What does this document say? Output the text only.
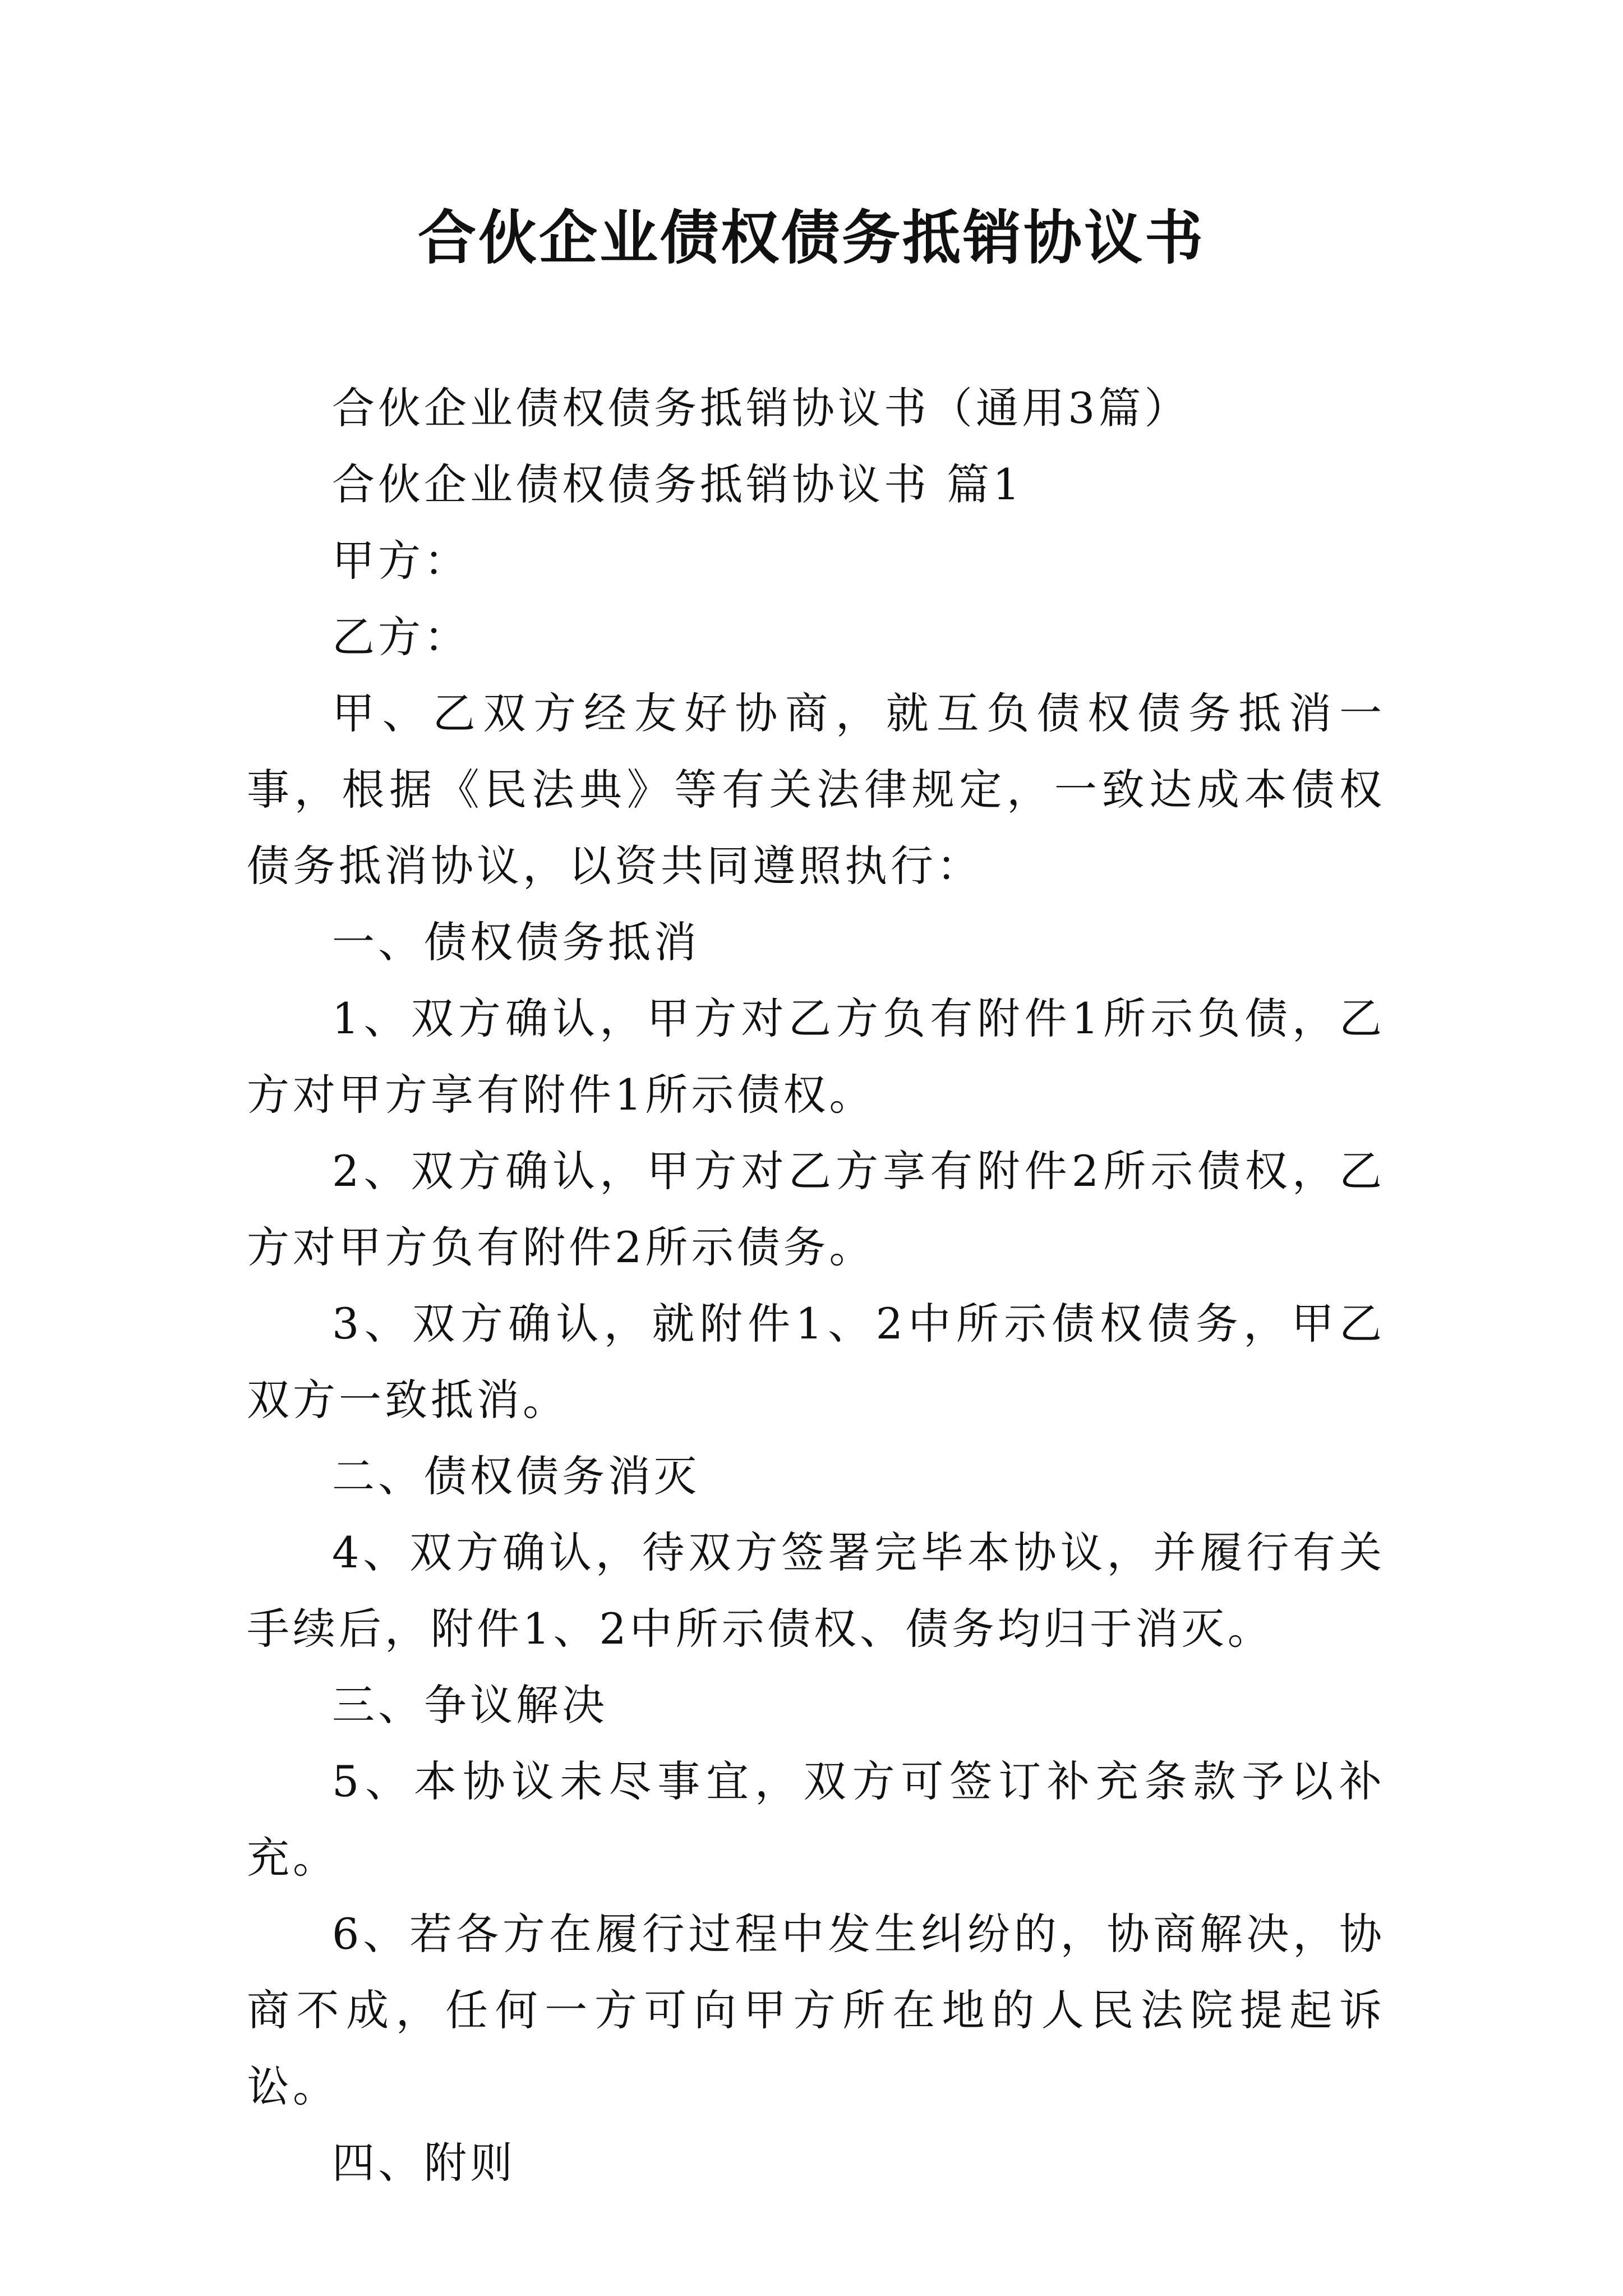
合伙企业债权债务抵销协议书

合伙企业债权债务抵销协议书（通用3篇）

合伙企业债权债务抵销协议书 篇1

甲方：

乙方：

甲、乙双方经友好协商，就互负债权债务抵消一事，根据《民法典》等有关法律规定，一致达成本债权债务抵消协议，以资共同遵照执行：

一、债权债务抵消

1、双方确认，甲方对乙方负有附件1所示负债，乙方对甲方享有附件1所示债权。

2、双方确认，甲方对乙方享有附件2所示债权，乙方对甲方负有附件2所示债务。

3、双方确认，就附件1、2中所示债权债务，甲乙双方一致抵消。

二、债权债务消灭

4、双方确认，待双方签署完毕本协议，并履行有关手续后，附件1、2中所示债权、债务均归于消灭。

三、争议解决

5、本协议未尽事宜，双方可签订补充条款予以补充。

6、若各方在履行过程中发生纠纷的，协商解决，协商不成，任何一方可向甲方所在地的人民法院提起诉讼。

四、附则
